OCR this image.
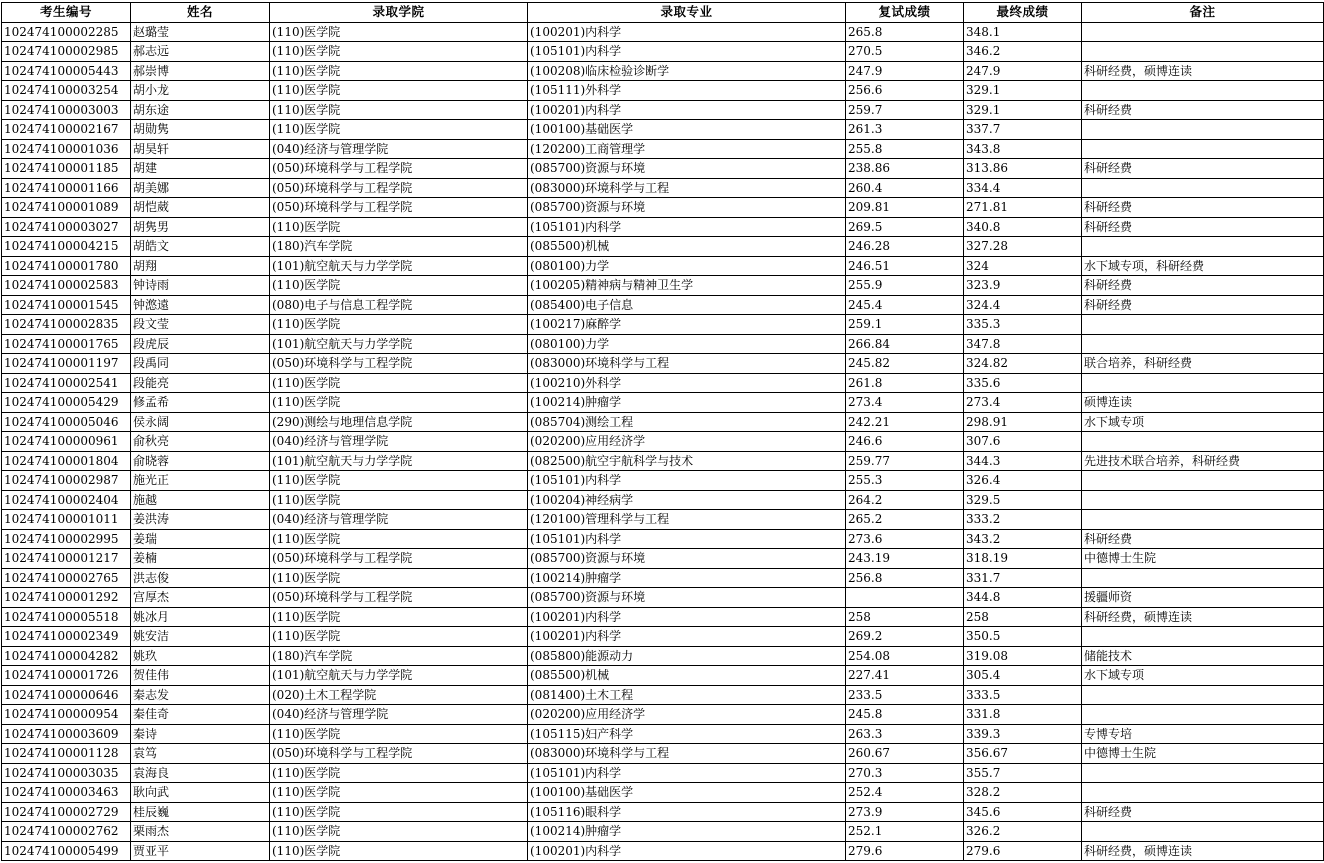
考生编号	姓名	录取学院	录取专业	复试成绩	最终成绩	备注
102474100002285	赵璐莹	(110)医学院	(100201)内科学	265.8	348.1	
102474100002985	郝志远	(110)医学院	(105101)内科学	270.5	346.2	
102474100005443	郝崇博	(110)医学院	(100208)临床检验诊断学	247.9	247.9	科研经费，硕博连读
102474100003254	胡小龙	(110)医学院	(105111)外科学	256.6	329.1	
102474100003003	胡东途	(110)医学院	(100201)内科学	259.7	329.1	科研经费
102474100002167	胡勋隽	(110)医学院	(100100)基础医学	261.3	337.7	
102474100001036	胡昊轩	(040)经济与管理学院	(120200)工商管理学	255.8	343.8	
102474100001185	胡建	(050)环境科学与工程学院	(085700)资源与环境	238.86	313.86	科研经费
102474100001166	胡美娜	(050)环境科学与工程学院	(083000)环境科学与工程	260.4	334.4	
102474100001089	胡恺葳	(050)环境科学与工程学院	(085700)资源与环境	209.81	271.81	科研经费
102474100003027	胡隽男	(110)医学院	(105101)内科学	269.5	340.8	科研经费
102474100004215	胡皓文	(180)汽车学院	(085500)机械	246.28	327.28	
102474100001780	胡翔	(101)航空航天与力学学院	(080100)力学	246.51	324	水下域专项，科研经费
102474100002583	钟诗雨	(110)医学院	(100205)精神病与精神卫生学	255.9	323.9	科研经费
102474100001545	钟滺遠	(080)电子与信息工程学院	(085400)电子信息	245.4	324.4	科研经费
102474100002835	段文莹	(110)医学院	(100217)麻醉学	259.1	335.3	
102474100001765	段虎辰	(101)航空航天与力学学院	(080100)力学	266.84	347.8	
102474100001197	段禹同	(050)环境科学与工程学院	(083000)环境科学与工程	245.82	324.82	联合培养，科研经费
102474100002541	段能亮	(110)医学院	(100210)外科学	261.8	335.6	
102474100005429	修孟希	(110)医学院	(100214)肿瘤学	273.4	273.4	硕博连读
102474100005046	侯永阔	(290)测绘与地理信息学院	(085704)测绘工程	242.21	298.91	水下域专项
102474100000961	俞秋亮	(040)经济与管理学院	(020200)应用经济学	246.6	307.6	
102474100001804	俞晓蓉	(101)航空航天与力学学院	(082500)航空宇航科学与技术	259.77	344.3	先进技术联合培养，科研经费
102474100002987	施光正	(110)医学院	(105101)内科学	255.3	326.4	
102474100002404	施越	(110)医学院	(100204)神经病学	264.2	329.5	
102474100001011	姜洪涛	(040)经济与管理学院	(120100)管理科学与工程	265.2	333.2	
102474100002995	姜瑞	(110)医学院	(105101)内科学	273.6	343.2	科研经费
102474100001217	姜楠	(050)环境科学与工程学院	(085700)资源与环境	243.19	318.19	中德博士生院
102474100002765	洪志俊	(110)医学院	(100214)肿瘤学	256.8	331.7	
102474100001292	宫厚杰	(050)环境科学与工程学院	(085700)资源与环境		344.8	援疆师资
102474100005518	姚冰月	(110)医学院	(100201)内科学	258	258	科研经费，硕博连读
102474100002349	姚安洁	(110)医学院	(100201)内科学	269.2	350.5	
102474100004282	姚玖	(180)汽车学院	(085800)能源动力	254.08	319.08	储能技术
102474100001726	贺佳伟	(101)航空航天与力学学院	(085500)机械	227.41	305.4	水下域专项
102474100000646	秦志发	(020)土木工程学院	(081400)土木工程	233.5	333.5	
102474100000954	秦佳奇	(040)经济与管理学院	(020200)应用经济学	245.8	331.8	
102474100003609	秦诗	(110)医学院	(105115)妇产科学	263.3	339.3	专博专培
102474100001128	袁笃	(050)环境科学与工程学院	(083000)环境科学与工程	260.67	356.67	中德博士生院
102474100003035	袁海良	(110)医学院	(105101)内科学	270.3	355.7	
102474100003463	耿向武	(110)医学院	(100100)基础医学	252.4	328.2	
102474100002729	桂辰巍	(110)医学院	(105116)眼科学	273.9	345.6	科研经费
102474100002762	栗雨杰	(110)医学院	(100214)肿瘤学	252.1	326.2	
102474100005499	贾亚平	(110)医学院	(100201)内科学	279.6	279.6	科研经费，硕博连读
